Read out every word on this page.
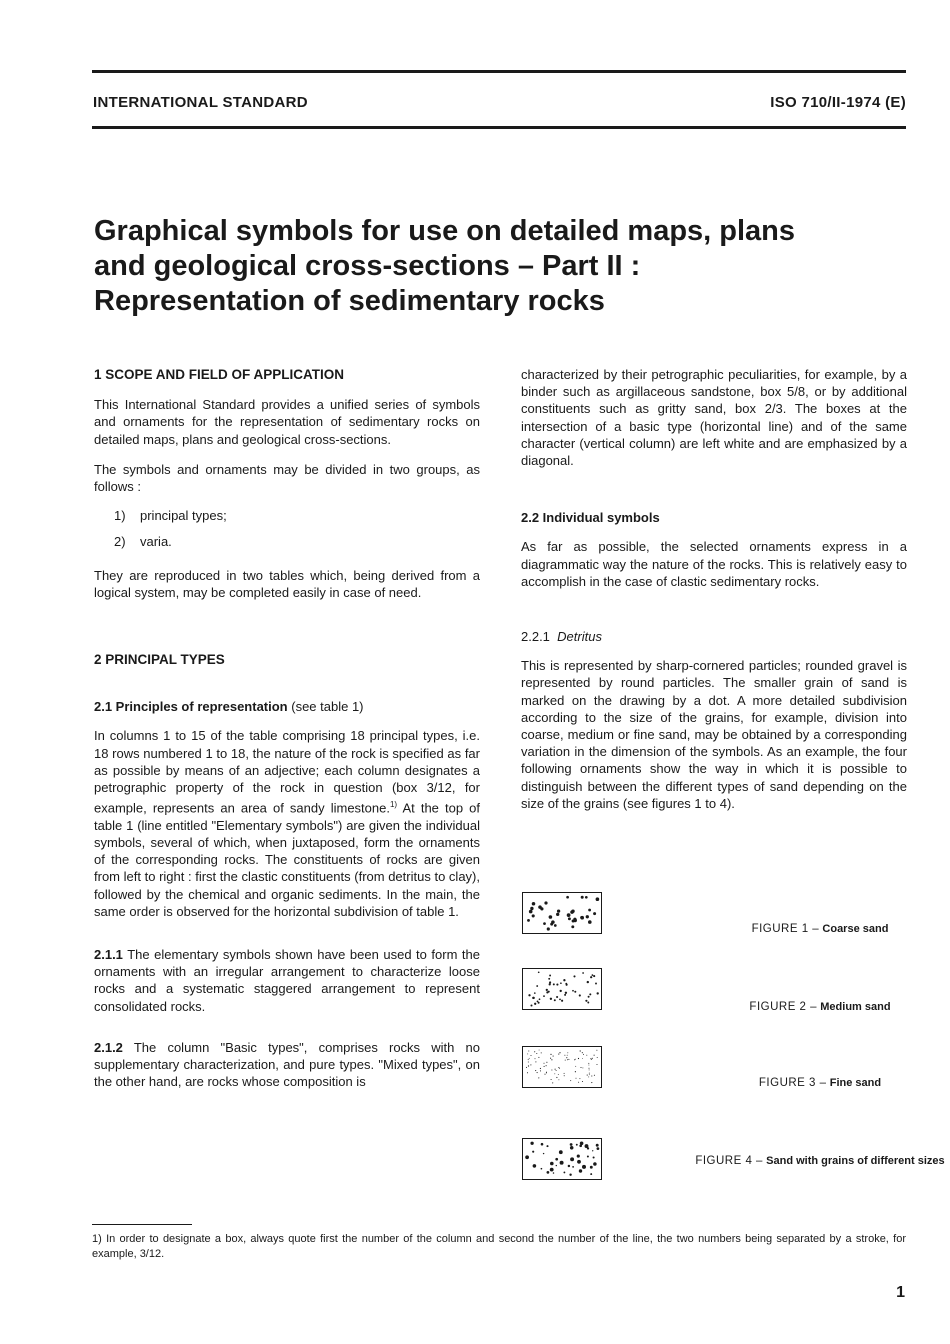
INTERNATIONAL STANDARD	ISO 710/II-1974 (E)
Graphical symbols for use on detailed maps, plans and geological cross-sections – Part II : Representation of sedimentary rocks

1 SCOPE AND FIELD OF APPLICATION

This International Standard provides a unified series of symbols and ornaments for the representation of sedimentary rocks on detailed maps, plans and geological cross-sections.

The symbols and ornaments may be divided in two groups, as follows :

1)	principal types;
2)	varia.

They are reproduced in two tables which, being derived from a logical system, may be completed easily in case of need.

2 PRINCIPAL TYPES

2.1 Principles of representation (see table 1)

In columns 1 to 15 of the table comprising 18 principal types, i.e. 18 rows numbered 1 to 18, the nature of the rock is specified as far as possible by means of an adjective; each column designates a petrographic property of the rock in question (box 3/12, for example, represents an area of sandy limestone.$^{1)}$ At the top of table 1 (line entitled "Elementary symbols") are given the individual symbols, several of which, when juxtaposed, form the ornaments of the corresponding rocks. The constituents of rocks are given from left to right : first the clastic constituents (from detritus to clay), followed by the chemical and organic sediments. In the main, the same order is observed for the horizontal subdivision of table 1.

2.1.1 The elementary symbols shown have been used to form the ornaments with an irregular arrangement to characterize loose rocks and a systematic staggered arrangement to represent consolidated rocks.

2.1.2 The column "Basic types", comprises rocks with no supplementary characterization, and pure types. "Mixed types", on the other hand, are rocks whose composition is

characterized by their petrographic peculiarities, for example, by a binder such as argillaceous sandstone, box 5/8, or by additional constituents such as gritty sand, box 2/3. The boxes at the intersection of a basic type (horizontal line) and of the same character (vertical column) are left white and are emphasized by a diagonal.

2.2 Individual symbols

As far as possible, the selected ornaments express in a diagrammatic way the nature of the rocks. This is relatively easy to accomplish in the case of clastic sedimentary rocks.

2.2.1 Detritus

This is represented by sharp-cornered particles; rounded gravel is represented by round particles. The smaller grain of sand is marked on the drawing by a dot. A more detailed subdivision according to the size of the grains, for example, division into coarse, medium or fine sand, may be obtained by a corresponding variation in the dimension of the symbols. As an example, the four following ornaments show the way in which it is possible to distinguish between the different types of sand depending on the size of the grains (see figures 1 to 4).

FIGURE 1 – Coarse sand
FIGURE 2 – Medium sand
FIGURE 3 – Fine sand
FIGURE 4 – Sand with grains of different sizes

1) In order to designate a box, always quote first the number of the column and second the number of the line, the two numbers being separated by a stroke, for example, 3/12.

1
